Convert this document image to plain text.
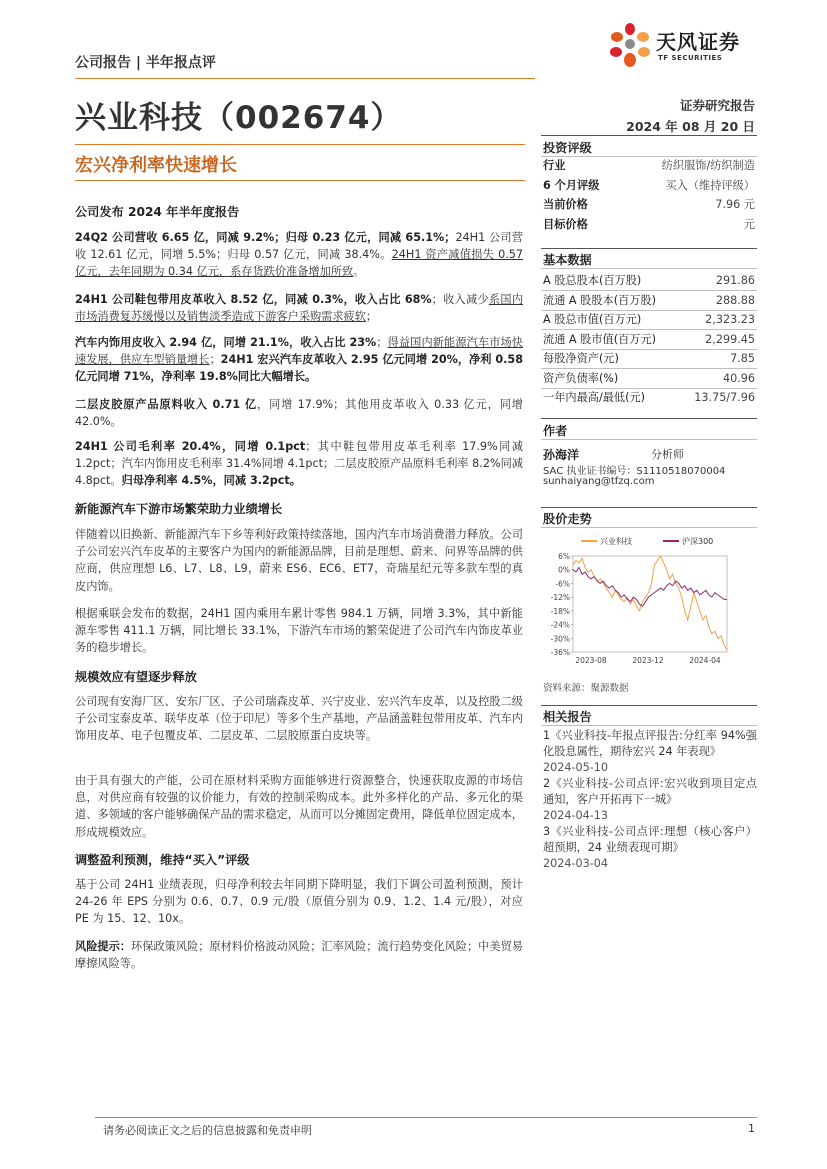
公司报告 | 半年报点评
天风证券
TF SECURITIES
兴业科技（002674）	证券研究报告
2024 年 08 月 20 日
宏兴净利率快速增长
公司发布 2024 年半年度报告
24Q2 公司营收 6.65 亿，同减 9.2%；归母 0.23 亿元，同减 65.1%；24H1 公司营收 12.61 亿元，同增 5.5%；归母 0.57 亿元，同减 38.4%。24H1 资产减值损失 0.57 亿元，去年同期为 0.34 亿元，系存货跌价准备增加所致。
24H1 公司鞋包带用皮革收入 8.52 亿，同减 0.3%，收入占比 68%；收入减少系国内市场消费复苏缓慢以及销售淡季造成下游客户采购需求疲软；
汽车内饰用皮收入 2.94 亿，同增 21.1%，收入占比 23%；得益国内新能源汽车市场快速发展，供应车型销量增长；24H1 宏兴汽车皮革收入 2.95 亿元同增 20%，净利 0.58 亿元同增 71%，净利率 19.8%同比大幅增长。
二层皮胶原产品原料收入 0.71 亿，同增 17.9%；其他用皮革收入 0.33 亿元，同增 42.0%。
24H1 公司毛利率 20.4%，同增 0.1pct；其中鞋包带用皮革毛利率 17.9%同减 1.2pct；汽车内饰用皮毛利率 31.4%同增 4.1pct；二层皮胶原产品原料毛利率 8.2%同减 4.8pct。归母净利率 4.5%，同减 3.2pct。
新能源汽车下游市场繁荣助力业绩增长
伴随着以旧换新、新能源汽车下乡等利好政策持续落地，国内汽车市场消费潜力释放。公司子公司宏兴汽车皮革的主要客户为国内的新能源品牌，目前是理想、蔚来、问界等品牌的供应商，供应理想 L6、L7、L8、L9，蔚来 ES6、EC6、ET7，奇瑞星纪元等多款车型的真皮内饰。
根据乘联会发布的数据，24H1 国内乘用车累计零售 984.1 万辆，同增 3.3%，其中新能源车零售 411.1 万辆，同比增长 33.1%，下游汽车市场的繁荣促进了公司汽车内饰皮革业务的稳步增长。
规模效应有望逐步释放
公司现有安海厂区、安东厂区、子公司瑞森皮革、兴宁皮业、宏兴汽车皮革，以及控股二级子公司宝泰皮革、联华皮革（位于印尼）等多个生产基地，产品涵盖鞋包带用皮革、汽车内饰用皮革、电子包覆皮革、二层皮革、二层胶原蛋白皮块等。
由于具有强大的产能，公司在原材料采购方面能够进行资源整合，快速获取皮源的市场信息，对供应商有较强的议价能力，有效的控制采购成本。此外多样化的产品、多元化的渠道、多领域的客户能够确保产品的需求稳定，从而可以分摊固定费用，降低单位固定成本，形成规模效应。
调整盈利预测，维持“买入”评级
基于公司 24H1 业绩表现，归母净利较去年同期下降明显，我们下调公司盈利预测，预计 24-26 年 EPS 分别为 0.6、0.7、0.9 元/股（原值分别为 0.9、1.2、1.4 元/股），对应 PE 为 15、12、10x。
风险提示：环保政策风险；原材料价格波动风险；汇率风险；流行趋势变化风险；中美贸易摩擦风险等。
投资评级
行业	纺织服饰/纺织制造
6 个月评级	买入（维持评级）
当前价格	7.96 元
目标价格	元
基本数据
A 股总股本(百万股)	291.86
流通 A 股股本(百万股)	288.88
A 股总市值(百万元)	2,323.23
流通 A 股市值(百万元)	2,299.45
每股净资产(元)	7.85
资产负债率(%)	40.96
一年内最高/最低(元)	13.75/7.96
作者
孙海洋	分析师
SAC 执业证书编号：S1110518070004
sunhaiyang@tfzq.com
股价走势
6%
0%
-6%
-12%
-18%
-24%
-30%
-36%
2023-08	2023-12	2024-04
兴业科技	沪深300
资料来源：聚源数据
相关报告
1《兴业科技-年报点评报告:分红率 94%强化股息属性，期待宏兴 24 年表现》
2024-05-10
2《兴业科技-公司点评:宏兴收到项目定点通知，客户开拓再下一城》
2024-04-13
3《兴业科技-公司点评:理想（核心客户）超预期，24 业绩表现可期》
2024-03-04
请务必阅读正文之后的信息披露和免责申明	1
